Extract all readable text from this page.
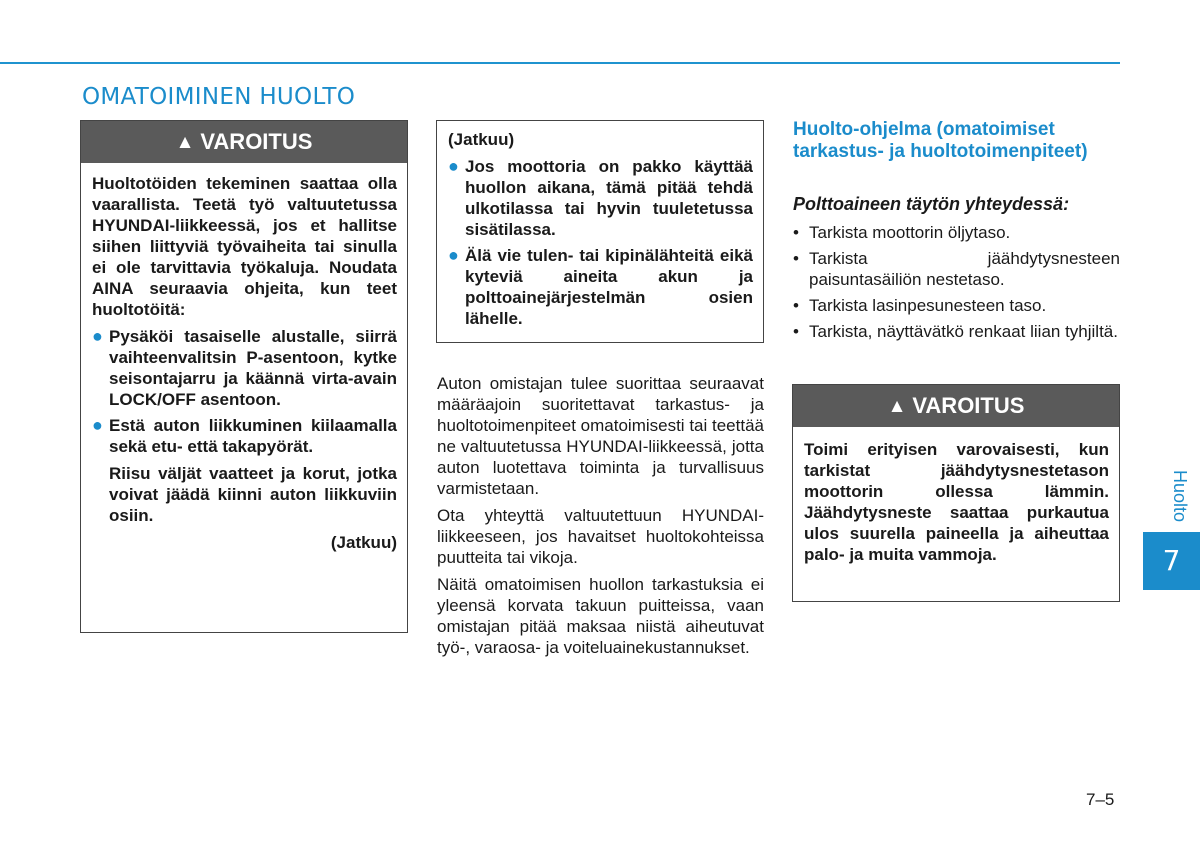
OMATOIMINEN HUOLTO
▲ VAROITUS
Huoltotöiden tekeminen saattaa olla vaarallista. Teetä työ valtuutetussa HYUNDAI-liikkeessä, jos et hallitse siihen liittyviä työvaiheita tai sinulla ei ole tarvittavia työkaluja. Noudata AINA seuraavia ohjeita, kun teet huoltotöitä:
● Pysäköi tasaiselle alustalle, siirrä vaihteenvalitsin P-asentoon, kytke seisontajarru ja käännä virta-avain LOCK/OFF asentoon.
● Estä auton liikkuminen kiilaamalla sekä etu- että takapyörät.
Riisu väljät vaatteet ja korut, jotka voivat jäädä kiinni auton liikkuviin osiin.
(Jatkuu)
(Jatkuu)
● Jos moottoria on pakko käyttää huollon aikana, tämä pitää tehdä ulkotilassa tai hyvin tuuletetussa sisätilassa.
● Älä vie tulen- tai kipinälähteitä eikä kyteviä aineita akun ja polttoainejärjestelmän osien lähelle.

Auton omistajan tulee suorittaa seuraavat määräajoin suoritettavat tarkastus- ja huoltotoimenpiteet omatoimisesti tai teettää ne valtuutetussa HYUNDAI-liikkeessä, jotta auton luotettava toiminta ja turvallisuus varmistetaan.

Ota yhteyttä valtuutettuun HYUNDAI-liikkeeseen, jos havaitset huoltokohteissa puutteita tai vikoja.

Näitä omatoimisen huollon tarkastuksia ei yleensä korvata takuun puitteissa, vaan omistajan pitää maksaa niistä aiheutuvat työ-, varaosa- ja voiteluainekustannukset.

Huolto-ohjelma (omatoimiset tarkastus- ja huoltotoimenpiteet)
Polttoaineen täytön yhteydessä:
• Tarkista moottorin öljytaso.
• Tarkista jäähdytysnesteen paisuntasäiliön nestetaso.
• Tarkista lasinpesunesteen taso.
• Tarkista, näyttävätkö renkaat liian tyhjiltä.
▲ VAROITUS
Toimi erityisen varovaisesti, kun tarkistat jäähdytysnestetason moottorin ollessa lämmin. Jäähdytysneste saattaa purkautua ulos suurella paineella ja aiheuttaa palo- ja muita vammoja.
Huolto
7
7–5
